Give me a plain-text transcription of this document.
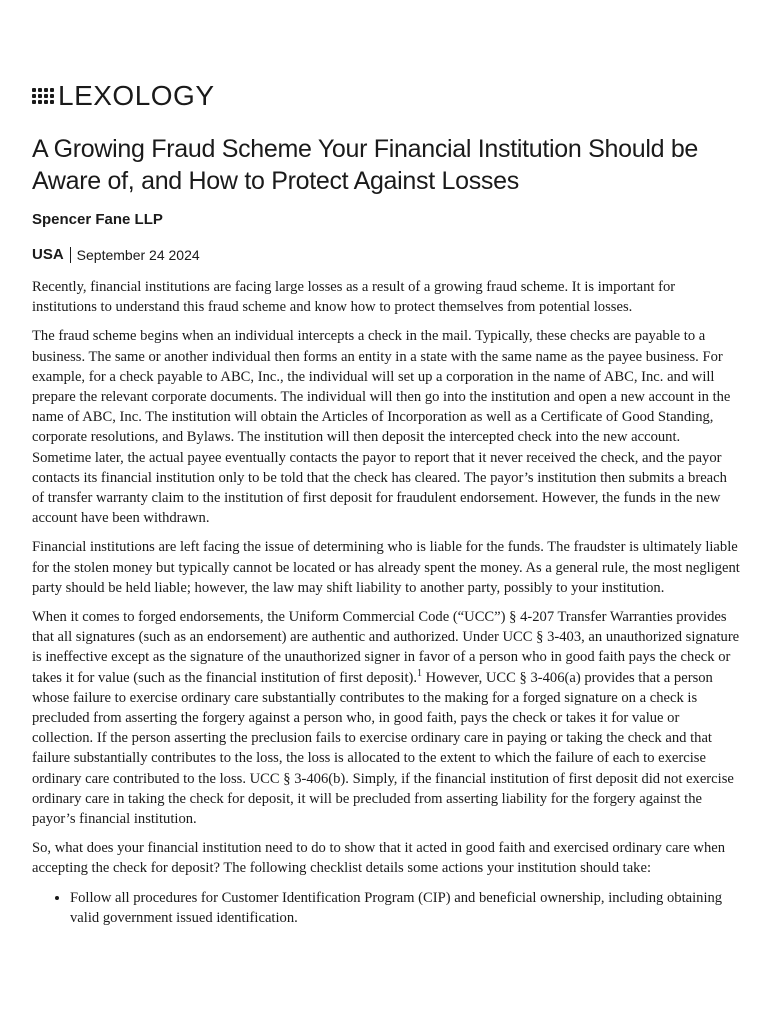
LEXOLOGY
A Growing Fraud Scheme Your Financial Institution Should be Aware of, and How to Protect Against Losses
Spencer Fane LLP
USA September 24 2024

Recently, financial institutions are facing large losses as a result of a growing fraud scheme. It is important for institutions to understand this fraud scheme and know how to protect themselves from potential losses.

The fraud scheme begins when an individual intercepts a check in the mail. Typically, these checks are payable to a business. The same or another individual then forms an entity in a state with the same name as the payee business. For example, for a check payable to ABC, Inc., the individual will set up a corporation in the name of ABC, Inc. and will prepare the relevant corporate documents. The individual will then go into the institution and open a new account in the name of ABC, Inc. The institution will obtain the Articles of Incorporation as well as a Certificate of Good Standing, corporate resolutions, and Bylaws. The institution will then deposit the intercepted check into the new account. Sometime later, the actual payee eventually contacts the payor to report that it never received the check, and the payor contacts its financial institution only to be told that the check has cleared. The payor’s institution then submits a breach of transfer warranty claim to the institution of first deposit for fraudulent endorsement. However, the funds in the new account have been withdrawn.

Financial institutions are left facing the issue of determining who is liable for the funds. The fraudster is ultimately liable for the stolen money but typically cannot be located or has already spent the money. As a general rule, the most negligent party should be held liable; however, the law may shift liability to another party, possibly to your institution.

When it comes to forged endorsements, the Uniform Commercial Code (“UCC”) § 4-207 Transfer Warranties provides that all signatures (such as an endorsement) are authentic and authorized. Under UCC § 3-403, an unauthorized signature is ineffective except as the signature of the unauthorized signer in favor of a person who in good faith pays the check or takes it for value (such as the financial institution of first deposit).$^1$ However, UCC § 3-406(a) provides that a person whose failure to exercise ordinary care substantially contributes to the making for a forged signature on a check is precluded from asserting the forgery against a person who, in good faith, pays the check or takes it for value or collection. If the person asserting the preclusion fails to exercise ordinary care in paying or taking the check and that failure substantially contributes to the loss, the loss is allocated to the extent to which the failure of each to exercise ordinary care contributed to the loss. UCC § 3-406(b). Simply, if the financial institution of first deposit did not exercise ordinary care in taking the check for deposit, it will be precluded from asserting liability for the forgery against the payor’s financial institution.

So, what does your financial institution need to do to show that it acted in good faith and exercised ordinary care when accepting the check for deposit? The following checklist details some actions your institution should take:

• Follow all procedures for Customer Identification Program (CIP) and beneficial ownership, including obtaining valid government issued identification.
